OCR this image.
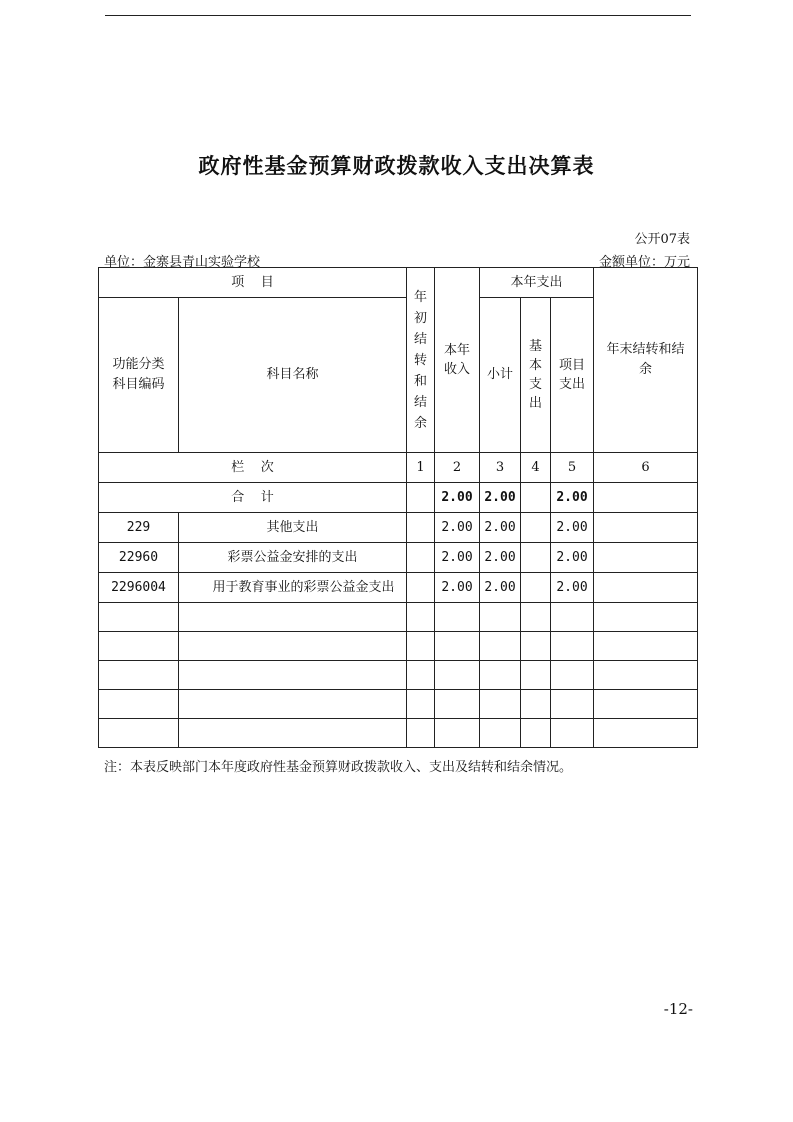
政府性基金预算财政拨款收入支出决算表
公开07表
单位：金寨县青山实验学校	金额单位：万元
项    目		年初结转和结余	本年收入	本年支出			年末结转和结余
功能分类科目编码	科目名称			小计	基本支出	项目支出	
栏    次		1	2	3	4	5	6
合    计			2.00	2.00		2.00	
229	其他支出		2.00	2.00		2.00	
22960	彩票公益金安排的支出		2.00	2.00		2.00	
2296004	用于教育事业的彩票公益金支出		2.00	2.00		2.00	

注：本表反映部门本年度政府性基金预算财政拨款收入、支出及结转和结余情况。
-12-
